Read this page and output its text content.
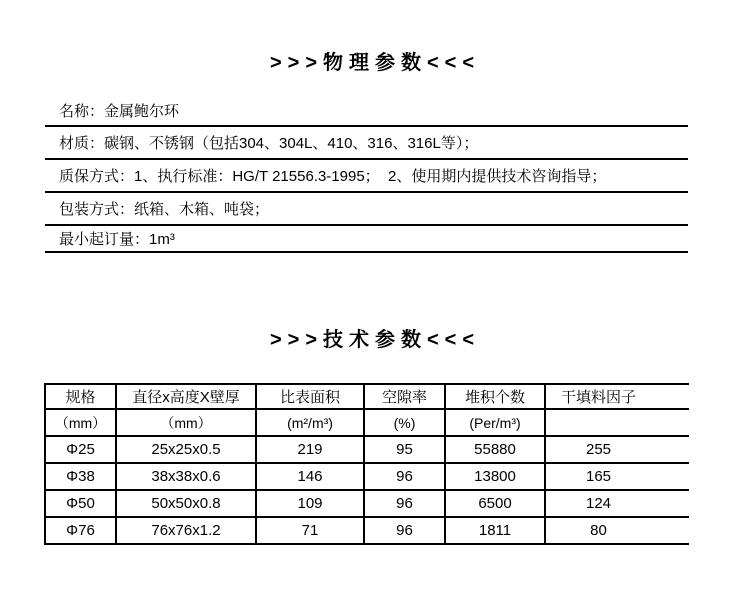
>>>物理参数<<<
名称：金属鲍尔环
材质：碳钢、不锈钢（包括304、304L、410、316、316L等）；
质保方式：1、执行标准：HG/T 21556.3-1995；  2、使用期内提供技术咨询指导；
包装方式：纸箱、木箱、吨袋；
最小起订量：1m³
>>>技术参数<<<
规格	直径x高度X壁厚	比表面积	空隙率	堆积个数	干填料因子
（mm）	（mm）	(m²/m³)	(%)	(Per/m³)	
Φ25	25x25x0.5	219	95	55880	255
Φ38	38x38x0.6	146	96	13800	165
Φ50	50x50x0.8	109	96	6500	124
Φ76	76x76x1.2	71	96	1811	80
